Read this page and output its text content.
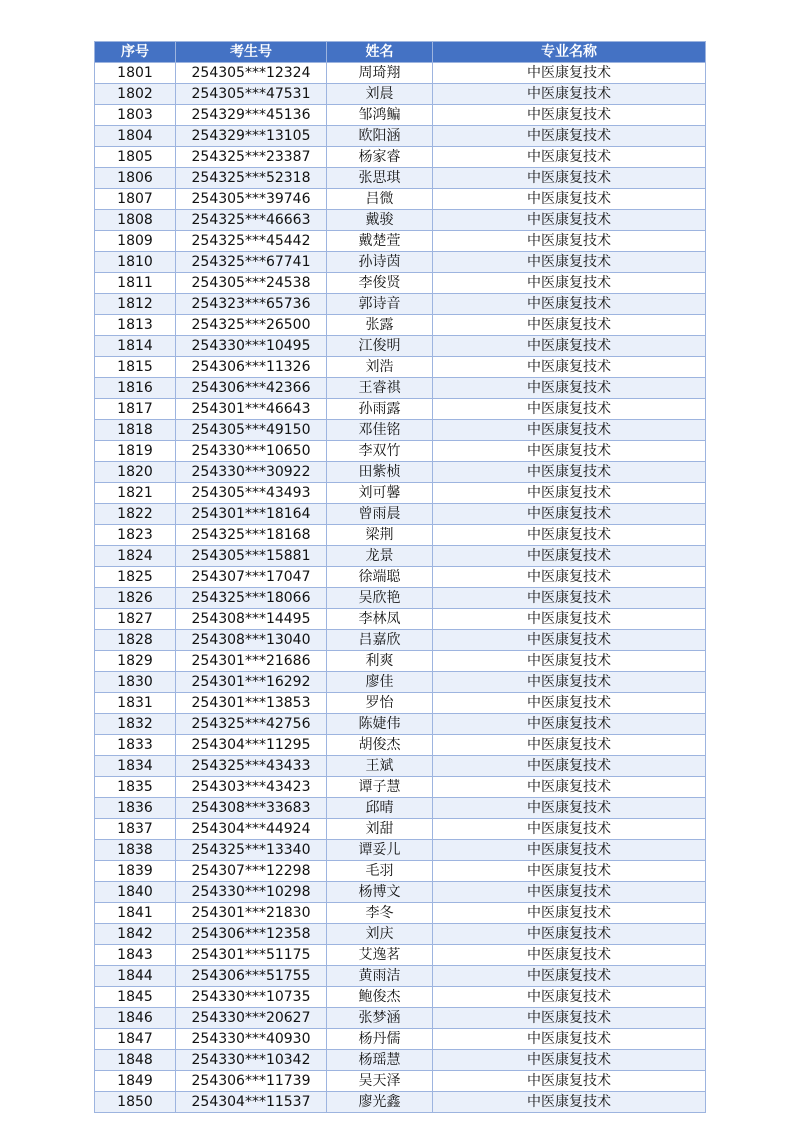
序号	考生号	姓名	专业名称
1801	254305***12324	周琦翔	中医康复技术
1802	254305***47531	刘晨	中医康复技术
1803	254329***45136	邹鸿鳊	中医康复技术
1804	254329***13105	欧阳涵	中医康复技术
1805	254325***23387	杨家睿	中医康复技术
1806	254325***52318	张思琪	中医康复技术
1807	254305***39746	吕微	中医康复技术
1808	254325***46663	戴骏	中医康复技术
1809	254325***45442	戴楚萱	中医康复技术
1810	254325***67741	孙诗茵	中医康复技术
1811	254305***24538	李俊贤	中医康复技术
1812	254323***65736	郭诗音	中医康复技术
1813	254325***26500	张露	中医康复技术
1814	254330***10495	江俊明	中医康复技术
1815	254306***11326	刘浩	中医康复技术
1816	254306***42366	王睿祺	中医康复技术
1817	254301***46643	孙雨露	中医康复技术
1818	254305***49150	邓佳铭	中医康复技术
1819	254330***10650	李双竹	中医康复技术
1820	254330***30922	田紫桢	中医康复技术
1821	254305***43493	刘可馨	中医康复技术
1822	254301***18164	曾雨晨	中医康复技术
1823	254325***18168	梁荆	中医康复技术
1824	254305***15881	龙景	中医康复技术
1825	254307***17047	徐端聪	中医康复技术
1826	254325***18066	吴欣艳	中医康复技术
1827	254308***14495	李林凤	中医康复技术
1828	254308***13040	吕嘉欣	中医康复技术
1829	254301***21686	利爽	中医康复技术
1830	254301***16292	廖佳	中医康复技术
1831	254301***13853	罗怡	中医康复技术
1832	254325***42756	陈婕伟	中医康复技术
1833	254304***11295	胡俊杰	中医康复技术
1834	254325***43433	王斌	中医康复技术
1835	254303***43423	谭子慧	中医康复技术
1836	254308***33683	邱晴	中医康复技术
1837	254304***44924	刘甜	中医康复技术
1838	254325***13340	谭妥儿	中医康复技术
1839	254307***12298	毛羽	中医康复技术
1840	254330***10298	杨博文	中医康复技术
1841	254301***21830	李冬	中医康复技术
1842	254306***12358	刘庆	中医康复技术
1843	254301***51175	艾逸茗	中医康复技术
1844	254306***51755	黄雨洁	中医康复技术
1845	254330***10735	鲍俊杰	中医康复技术
1846	254330***20627	张梦涵	中医康复技术
1847	254330***40930	杨丹儒	中医康复技术
1848	254330***10342	杨瑶慧	中医康复技术
1849	254306***11739	吴天泽	中医康复技术
1850	254304***11537	廖光鑫	中医康复技术
